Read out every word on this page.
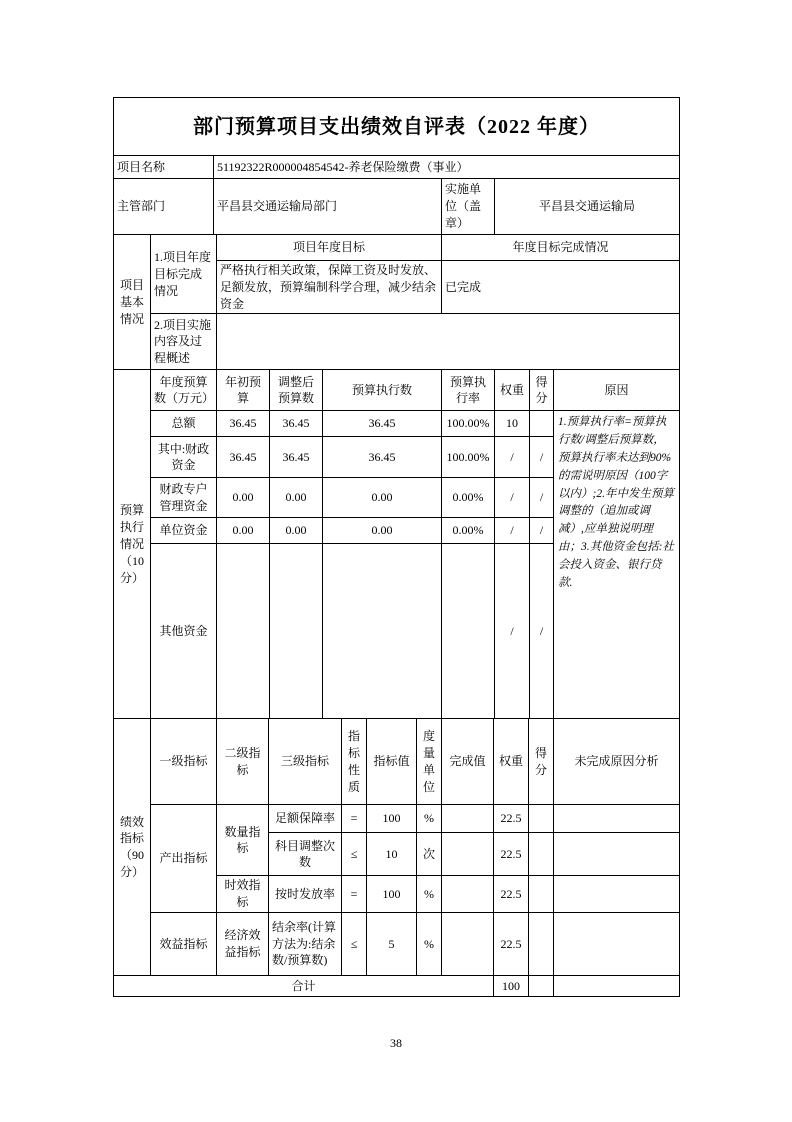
部门预算项目支出绩效自评表（2022 年度）			
项目名称	51192322R000004854542-养老保险缴费（事业）		
主管部门	平昌县交通运输局部门	实施单位（盖章）	平昌县交通运输局
项目基本情况	1.项目年度目标完成情况	项目年度目标	年度目标完成情况
		严格执行相关政策，保障工资及时发放、足额发放，预算编制科学合理，减少结余资金	已完成
	2.项目实施内容及过程概述		
预算执行情况（10分）	年度预算数（万元）	年初预算	调整后预算数	预算执行数	预算执行率	权重	得分	原因
	总额	36.45	36.45	36.45	100.00%	10		1.预算执行率=预算执行数/调整后预算数，预算执行率未达到90%的需说明原因（100字以内）;2.年中发生预算调整的（追加或调减）,应单独说明理由；3.其他资金包括:社会投入资金、银行贷款.
	其中:财政资金	36.45	36.45	36.45	100.00%	/	/	
	财政专户管理资金	0.00	0.00	0.00	0.00%	/	/	
	单位资金	0.00	0.00	0.00	0.00%	/	/	
	其他资金					/	/	
绩效指标（90分）	一级指标	二级指标	三级指标	指标性质	指标值	度量单位	完成值	权重	得分	未完成原因分析
	产出指标	数量指标	足额保障率	=	100	%		22.5		
			科目调整次数	≤	10	次		22.5		
		时效指标	按时发放率	=	100	%		22.5		
	效益指标	经济效益指标	结余率(计算方法为:结余数/预算数)	≤	5	%		22.5		
合计								100		
38
